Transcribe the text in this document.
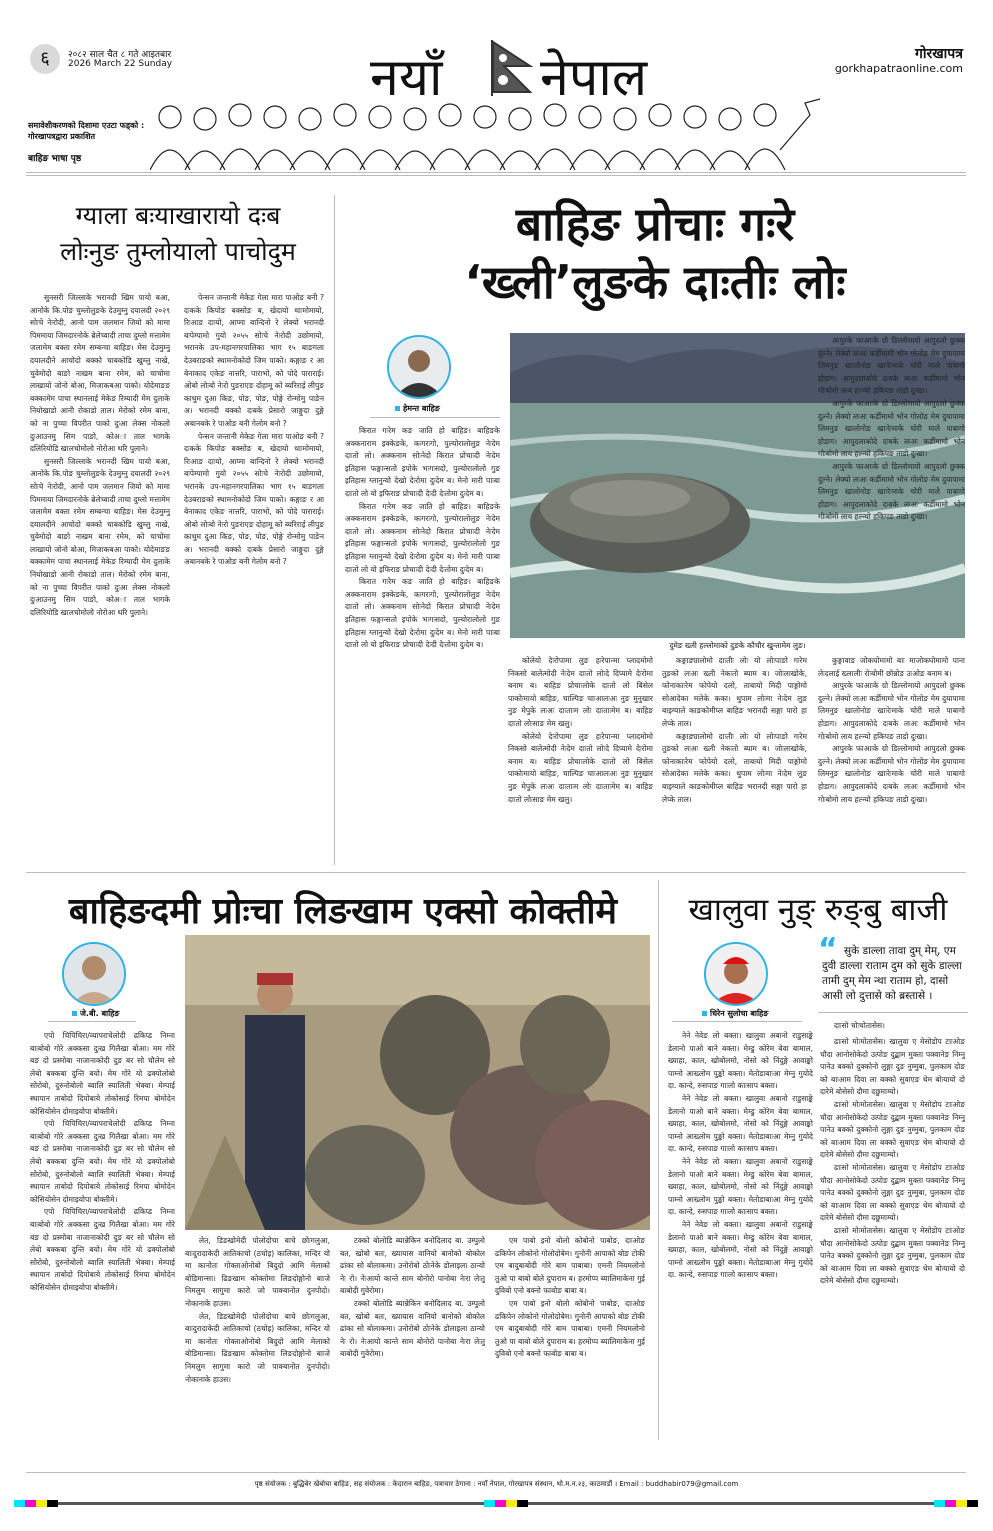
६	२०८२ साल चैत ८ गते आइतबार
2026 March 22 Sunday	नयाँ नेपाल	गोरखापत्र
gorkhapatraonline.com
समावेशीकरणको दिशामा एउटा फड्को : गोरखापत्रद्वारा प्रकाशित
बाहिङ भाषा पृष्ठ
ग्याला बःयाखारायो दःब
लोःनुङ तुम्लोयालो पाचोदुम

सुनसरी जिल्लाके भरानदी खिम पायो बआ, आनोके कि.पोङ चुम्लोलुङके देउमुम्नु दयालदी २०२९ सोःचे नेःरोदी, आनो पाम जलमान जियो को मामा पिममाया जिमदारनोके ब्रेलेच्वादी ताचा दुम्लो मत्तामेम जलामेम बक्ता रमेम सम्बन्चा बाहिङ। मेस देउमुम्नु दयालदीने आचोदो बक्को चाबकोडि खुम्लु नाखे, चुवेमोदो बाङो नाखम बाना रमेम, को चाचोमा लाखायो जोनो बोआ, मिजाकबआ पाको। योदेमाङङ बक्कामेम पाचा स्थानलाई मेकेङ रिम्यादी मेम दुलाके नियोखाडो आनी रोकाडो ताल। मेरोको रमेम बाना, को ना पुच्चा विपरीत पाको दुःआ लेक्स नोकलो दुःआउनमु सिम पाङो, कोअा ताल भागके दलिरियोडि खालचोमोलो नोरोआ थरि पुलाने।

सुनसरी जिल्लाके भरानदी खिम पायो बआ, आनोके कि.पोङ चुम्लोलुङके देउमुम्नु दयालदी २०२९ सोःचे नेःरोदी, आनो पाम जलमान जियो को मामा पिममाया जिमदारनोके ब्रेलेच्वादी ताचा दुम्लो मत्तामेम जलामेम बक्ता रमेम सम्बन्चा बाहिङ। मेस देउमुम्नु दयालदीने आचोदो बक्को चाबकोडि खुम्लु नाखे, चुवेमोदो बाङो नाखम बाना रमेम, को चाचोमा लाखायो जोनो बोआ, मिजाकबआ पाको। योदेमाङङ बक्कामेम पाचा स्थानलाई मेकेङ रिम्यादी मेम दुलाके नियोखाडो आनी रोकाडो ताल। मेरोको रमेम बाना, को ना पुच्चा विपरीत पाको दुःआ लेक्स नोकलो दुःआउनमु सिम पाङो, कोअा ताल भागके दलिरियोडि खालचोमोलो नोरोआ थरि पुलाने।

पेन्सन जन्तानी मेकेङ गेला मारा पाओङ बनी ? दःकके किपोङ बक्सोङ ब, खेदायो थाःमोमायो, रिःआङ दाःयो, आप्मा बान्दिनो रे लेक्यो भरानदी बःपेम्पामो गुयो २०५५ सोःचे नेःरोदी उछोमायो, भरानके उप-महानगरपालिका भाग १५ बाङगला देउबराङको स्थामनोकोदो जिम पाको। कङ्गाङ र आ बेनाकाद एकेङ नात्तरि, पाराभो, को पोदे पाराराई। ओबो लोःबो नेःरो पुङराएङ दोहामू को ब्यरिराई लीपुङ काथुम दुआ किङ, पोङ, पोङ, पोङ्गे रोन्मोमु पाङेन अ। भरानदी बक्को दःबके प्रेसारो जाङ्गुदा दुङ्गे अबानबके रे पाओङ बनी गेलोम बनो ?

पेन्सन जन्तानी मेकेङ गेला मारा पाओङ बनी ? दःकके किपोङ बक्सोङ ब, खेदायो थाःमोमायो, रिःआङ दाःयो, आप्मा बान्दिनो रे लेक्यो भरानदी बःपेम्पामो गुयो २०५५ सोःचे नेःरोदी उछोमायो, भरानके उप-महानगरपालिका भाग १५ बाङगला देउबराङको स्थामनोकोदो जिम पाको। कङ्गाङ र आ बेनाकाद एकेङ नात्तरि, पाराभो, को पोदे पाराराई। ओबो लोःबो नेःरो पुङराएङ दोहामू को ब्यरिराई लीपुङ काथुम दुआ किङ, पोङ, पोङ, पोङ्गे रोन्मोमु पाङेन अ। भरानदी बक्को दःबके प्रेसारो जाङ्गुदा दुङ्गे अबानबके रे पाओङ बनी गेलोम बनो ?

बाहिङ प्रोचाः गःरे
‘ख्ली’लुङके दाःतीः लोः
हेमन्त बाहिङ
दुमेङ ख्ली हल्लोमाको दुङके कौचौर खुन्तामेम लुङ।

किरात गःरेम कङ जाति हो बाहिङ। बाहिङके अक्कनाराम इक्केङके, कःगरःगो, पुल्योरालोलुङ नेःदेम दाःतो लो। अक्कनाम सोःनेदो किरात प्रोचाःदी नेःदेम इतिहास फङ्गान्सतो इपोके भःगःसदो, पुल्योरालोलो गुङ इतिहास ग्लानुन्यो देखो देःरोमा दुःदेम ब। मेनो मारी पाःबा दाःतो लो यो इफिराङ प्रोचाःदी देःदी देःतोमा दुःदेम ब।

किरात गःरेम कङ जाति हो बाहिङ। बाहिङके अक्कनाराम इक्केङके, कःगरःगो, पुल्योरालोलुङ नेःदेम दाःतो लो। अक्कनाम सोःनेदो किरात प्रोचाःदी नेःदेम इतिहास फङ्गान्सतो इपोके भःगःसदो, पुल्योरालोलो गुङ इतिहास ग्लानुन्यो देखो देःरोमा दुःदेम ब। मेनो मारी पाःबा दाःतो लो यो इफिराङ प्रोचाःदी देःदी देःतोमा दुःदेम ब।

किरात गःरेम कङ जाति हो बाहिङ। बाहिङके अक्कनाराम इक्केङके, कःगरःगो, पुल्योरालोलुङ नेःदेम दाःतो लो। अक्कनाम सोःनेदो किरात प्रोचाःदी नेःदेम इतिहास फङ्गान्सतो इपोके भःगःसदो, पुल्योरालोलो गुङ इतिहास ग्लानुन्यो देखो देःरोमा दुःदेम ब। मेनो मारी पाःबा दाःतो लो यो इफिराङ प्रोचाःदी देःदी देःतोमा दुःदेम ब।

कोलेयो देःरोपामा लुङ हःरेपान्मा प्लादमोमो निकसो बालेत्मोदी नेःदेम दाःतो लोःदे दिप्यामे देःरोमा बनाम ब। बाहिङ प्रोचाःलोके दाःतो लो बिसेल पाकोःमायो बाहिङ, चाल्पिङ चाःआलःअः नुङ मुनुखार नुङ मेपुके लःअः दाःताःम लोः दाःताःमेम ब। बाहिङ दाःतो लोःसाङ मेम खलु।

कोलेयो देःरोपामा लुङ हःरेपान्मा प्लादमोमो निकसो बालेत्मोदी नेःदेम दाःतो लोःदे दिप्यामे देःरोमा बनाम ब। बाहिङ प्रोचाःलोके दाःतो लो बिसेल पाकोःमायो बाहिङ, चाल्पिङ चाःआलःअः नुङ मुनुखार नुङ मेपुके लःअः दाःताःम लोः दाःताःमेम ब। बाहिङ दाःतो लोःसाङ मेम खलु।

कङ्गाङ्यालोमो दाःतीः लोः यो लोःपाङो गःरेम तुङको लःअः ख्ली नेकःतो ब्याम ब। जोःलाखोके, फोनाकाःरेम फोपेयो दलो, ताबायो मिदी पाङ्गोमो सोआदेका मलेके कका। थुपाम लोःमा नेःदेम लुङ बाइग्याले काङकोमीप्ल बाहिङ भरानदी सङ्गा पारो हा लेप्के ताल।

कङ्गाङ्यालोमो दाःतीः लोः यो लोःपाङो गःरेम तुङको लःअः ख्ली नेकःतो ब्याम ब। जोःलाखोके, फोनाकाःरेम फोपेयो दलो, ताबायो मिदी पाङ्गोमो सोआदेका मलेके कका। थुपाम लोःमा नेःदेम लुङ बाइग्याले काङकोमीप्ल बाहिङ भरानदी सङ्गा पारो हा लेप्के ताल।

कुङ्गावाङ जोकघोमामो बाः माजोकघोमामो पाना लेःदलाई ख्लालीः रोःबोमी छोन्नोङ उःओङ बनाम ब।

आपुरके फाआःके ग्रो डिल्लोमायो आपुदलो छुक्क दुल्ने। लेक्यो लःअः कर्डीमामो भोन गोलोङ मेम दुयापामा लिमनुङ खालोनोङ खाःरेःमाके चोरी माले पाबागो होडाग। आपुदलाकोदे दःबके लःअः कर्डीमामो भोन गोःबोमो लाय हल्न्यो हकिपङ ताडो दुःखा।

आपुरके फाआःके ग्रो डिल्लोमायो आपुदलो छुक्क दुल्ने। लेक्यो लःअः कर्डीमामो भोन गोलोङ मेम दुयापामा लिमनुङ खालोनोङ खाःरेःमाके चोरी माले पाबागो होडाग। आपुदलाकोदे दःबके लःअः कर्डीमामो भोन गोःबोमो लाय हल्न्यो हकिपङ ताडो दुःखा।

आपुरके फाआःके ग्रो डिल्लोमायो आपुदलो छुक्क दुल्ने। लेक्यो लःअः कर्डीमामो भोन गोलोङ मेम दुयापामा लिमनुङ खालोनोङ खाःरेःमाके चोरी माले पाबागो होडाग। आपुदलाकोदे दःबके लःअः कर्डीमामो भोन गोःबोमो लाय हल्न्यो हकिपङ ताडो दुःखा।

आपुरके फाआःके ग्रो डिल्लोमायो आपुदलो छुक्क दुल्ने। लेक्यो लःअः कर्डीमामो भोन गोलोङ मेम दुयापामा लिमनुङ खालोनोङ खाःरेःमाके चोरी माले पाबागो होडाग। आपुदलाकोदे दःबके लःअः कर्डीमामो भोन गोःबोमो लाय हल्न्यो हकिपङ ताडो दुःखा।

आपुरके फाआःके ग्रो डिल्लोमायो आपुदलो छुक्क दुल्ने। लेक्यो लःअः कर्डीमामो भोन गोलोङ मेम दुयापामा लिमनुङ खालोनोङ खाःरेःमाके चोरी माले पाबागो होडाग। आपुदलाकोदे दःबके लःअः कर्डीमामो भोन गोःबोमो लाय हल्न्यो हकिपङ ताडो दुःखा।

बाहिङदमी प्रोःचा लिङखाम एक्सो कोक्तीमे
जे.बी. बाहिङ

एपो चिपिचिरा/व्यापराचेलोदी ढकिप्ड निम्ना बाःबोबो गोरे अक्कसा दुःख गिलैखा बोआ। मम गोरे बङ दो प्रस्मोबा नाजानाकोदी दुङ बर सो चौलेम सो लेबो बक्कबा दुन्ति बयो। मेम गोरे यो ढक्पोलोबो सोरोबो, दुरुनोबोलो ब्वालि स्यालिती भेक्वा। मेम्पाई स्थापान ताबोदो दिपोबाये तोकोसाई रिमपा बोमोदेन कोसियोसेन दोमाइयोपा बोक्तीमे।

एपो चिपिचिरा/व्यापराचेलोदी ढकिप्ड निम्ना बाःबोबो गोरे अक्कसा दुःख गिलैखा बोआ। मम गोरे बङ दो प्रस्मोबा नाजानाकोदी दुङ बर सो चौलेम सो लेबो बक्कबा दुन्ति बयो। मेम गोरे यो ढक्पोलोबो सोरोबो, दुरुनोबोलो ब्वालि स्यालिती भेक्वा। मेम्पाई स्थापान ताबोदो दिपोबाये तोकोसाई रिमपा बोमोदेन कोसियोसेन दोमाइयोपा बोक्तीमे।

एपो चिपिचिरा/व्यापराचेलोदी ढकिप्ड निम्ना बाःबोबो गोरे अक्कसा दुःख गिलैखा बोआ। मम गोरे बङ दो प्रस्मोबा नाजानाकोदी दुङ बर सो चौलेम सो लेबो बक्कबा दुन्ति बयो। मेम गोरे यो ढक्पोलोबो सोरोबो, दुरुनोबोलो ब्वालि स्यालिती भेक्वा। मेम्पाई स्थापान ताबोदो दिपोबाये तोकोसाई रिमपा बोमोदेन कोसियोसेन दोमाइयोपा बोक्तीमे।

लेत, डिङखोमेदी पोलोदोचा बाचे छोःगलुआ, बाःदुरादाकेदी आतिकाचो (ठचोइ) कालिका, मन्दिर यो मा कानोतः गोक्ताओनोबो बिदुदो आमि मेलाको बोडिमान्सा। ढिङखाम कोक्तोमा लिङदोङ्गोनो बाःजे निमलुम सागुमा कारो जो पाक्बानोत दुनपोदो। नोकानाके हाउस।

लेत, डिङखोमेदी पोलोदोचा बाचे छोःगलुआ, बाःदुरादाकेदी आतिकाचो (ठचोइ) कालिका, मन्दिर यो मा कानोतः गोक्ताओनोबो बिदुदो आमि मेलाको बोडिमान्सा। ढिङखाम कोक्तोमा लिङदोङ्गोनो बाःजे निमलुम सागुमा कारो जो पाक्बानोत दुनपोदो। नोकानाके हाउस।

टक्को बोलोडि ब्यान्नेकिन बनोदिलाद बा. उम्पुलो बत, खोबो बतः, ख्यायास वानियो बानोको बोकोल ढांका सो बोलाकमा। उनोरोबो ठोःनेके डोलाइला ठान्यो नेः रो। नेःआयो कान्ते साम बोनोरो पानोबा नेःरा लेःतु बाबोदी गुवेरोमा।

टक्को बोलोडि ब्यान्नेकिन बनोदिलाद बा. उम्पुलो बत, खोबो बतः, ख्यायास वानियो बानोको बोकोल ढांका सो बोलाकमा। उनोरोबो ठोःनेके डोलाइला ठान्यो नेः रो। नेःआयो कान्ते साम बोनोरो पानोबा नेःरा लेःतु बाबोदी गुवेरोमा।

एम पाबो इनो बोलो कोबोनो पाबोङ, दाःओङ ढकिपेन लोकोनो गोलोदोबेम। गुनोनी आपाको बोङ टोकी एम बादुबाबोदी गोरे बाम पाबाबा। एमनी नियमलोनो तुओ पा बाबो बोले दुपाराम ब। हरमोप्प ब्यालिमाकेना गुई दुविबो एनो बक्नो फाबोङ बाबा ब।

एम पाबो इनो बोलो कोबोनो पाबोङ, दाःओङ ढकिपेन लोकोनो गोलोदोबेम। गुनोनी आपाको बोङ टोकी एम बादुबाबोदी गोरे बाम पाबाबा। एमनी नियमलोनो तुओ पा बाबो बोले दुपाराम ब। हरमोप्प ब्यालिमाकेना गुई दुविबो एनो बक्नो फाबोङ बाबा ब।

खालुवा नुङ् रुङ्बु बाजी
धिरेन सुलोचा बाहिङ
“ सुके डाल्ला तावा दुम् मेम्, एम दुवी डाल्ला राताम दुम को सुके डाल्ला तामी दुम् मेम न्था राताम हो, दासो आसी लो दुत्तासे को ब्रस्तासे ।

दाःसो चोःचोतासेस।

नेने नेवेङ लो बक्ता। खालुवा अबानो राडुसाङ्के डेलानो पाओ बाने बक्ता। मेम्डु कोरेम बेवा बामाल, ख्याहा, काल, खोबोलमो, नोसो को निंदुङ्गे आवाङ्को पाम्नो आख्लोम पुङ्को बक्ता। मेतोडाबाःआ मेम्नु गुयोदे दा. कान्दे, रुसपाङ गाःलो काःसाप बक्ता।

नेने नेवेङ लो बक्ता। खालुवा अबानो राडुसाङ्के डेलानो पाओ बाने बक्ता। मेम्डु कोरेम बेवा बामाल, ख्याहा, काल, खोबोलमो, नोसो को निंदुङ्गे आवाङ्को पाम्नो आख्लोम पुङ्को बक्ता। मेतोडाबाःआ मेम्नु गुयोदे दा. कान्दे, रुसपाङ गाःलो काःसाप बक्ता।

नेने नेवेङ लो बक्ता। खालुवा अबानो राडुसाङ्के डेलानो पाओ बाने बक्ता। मेम्डु कोरेम बेवा बामाल, ख्याहा, काल, खोबोलमो, नोसो को निंदुङ्गे आवाङ्को पाम्नो आख्लोम पुङ्को बक्ता। मेतोडाबाःआ मेम्नु गुयोदे दा. कान्दे, रुसपाङ गाःलो काःसाप बक्ता।

नेने नेवेङ लो बक्ता। खालुवा अबानो राडुसाङ्के डेलानो पाओ बाने बक्ता। मेम्डु कोरेम बेवा बामाल, ख्याहा, काल, खोबोलमो, नोसो को निंदुङ्गे आवाङ्को पाम्नो आख्लोम पुङ्को बक्ता। मेतोडाबाःआ मेम्नु गुयोदे दा. कान्दे, रुसपाङ गाःलो काःसाप बक्ता।

ढाःसो मोःमोतासेस। खालुवा ए मेसोडोप टाःओङ चौदा आनोसोकेदो उत्पोङ दुद्बाम मुक्ता पक्वानेङ निम्नु पानेउ बक्को दुक्कोनो लुङ्गा दुङ नुम्मुबा, पुलकाम दोङ को बाःआम दिवा ला बक्को सुवाएङ थेम बोःयायो दो दारेमे बोसेसो दौमा दछुमाम्यो।

ढाःसो मोःमोतासेस। खालुवा ए मेसोडोप टाःओङ चौदा आनोसोकेदो उत्पोङ दुद्बाम मुक्ता पक्वानेङ निम्नु पानेउ बक्को दुक्कोनो लुङ्गा दुङ नुम्मुबा, पुलकाम दोङ को बाःआम दिवा ला बक्को सुवाएङ थेम बोःयायो दो दारेमे बोसेसो दौमा दछुमाम्यो।

ढाःसो मोःमोतासेस। खालुवा ए मेसोडोप टाःओङ चौदा आनोसोकेदो उत्पोङ दुद्बाम मुक्ता पक्वानेङ निम्नु पानेउ बक्को दुक्कोनो लुङ्गा दुङ नुम्मुबा, पुलकाम दोङ को बाःआम दिवा ला बक्को सुवाएङ थेम बोःयायो दो दारेमे बोसेसो दौमा दछुमाम्यो।

ढाःसो मोःमोतासेस। खालुवा ए मेसोडोप टाःओङ चौदा आनोसोकेदो उत्पोङ दुद्बाम मुक्ता पक्वानेङ निम्नु पानेउ बक्को दुक्कोनो लुङ्गा दुङ नुम्मुबा, पुलकाम दोङ को बाःआम दिवा ला बक्को सुवाएङ थेम बोःयायो दो दारेमे बोसेसो दौमा दछुमाम्यो।

पृष्ठ संयोजक : बुद्धिबेर खेबोचा बाहिङ, सह संयोजक : केदारान बाहिङ, पत्राचार ठेगाना : नयाँ नेपाल, गोरखापत्र संस्थान, थो.म.न.२३, काठमाडौं । Email : buddhabir079@gmail.com
